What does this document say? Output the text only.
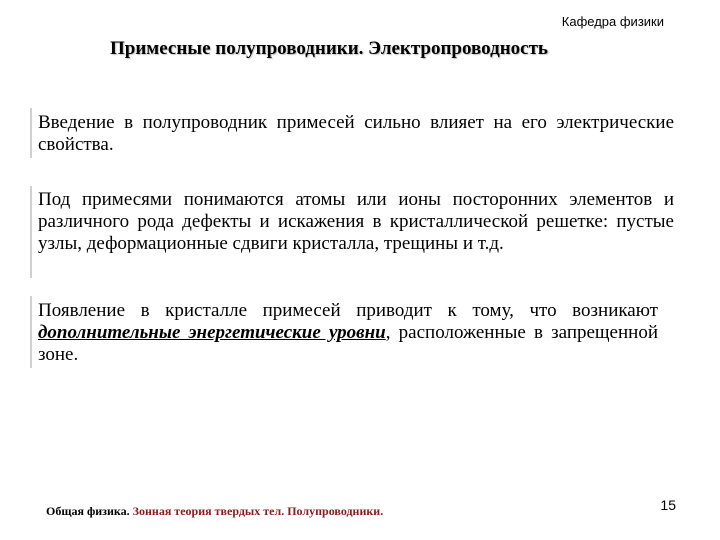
Кафедра физики
Примесные полупроводники. Электропроводность
Введение в полупроводник примесей сильно влияет на его электрические свойства.
Под примесями понимаются атомы или ионы посторонних элементов и различного рода дефекты и искажения в кристаллической решетке: пустые узлы, деформационные сдвиги кристалла, трещины и т.д.
Появление в кристалле примесей приводит к тому, что возникают дополнительные энергетические уровни, расположенные в запрещенной зоне.
Общая физика. Зонная теория твердых тел. Полупроводники.	15
